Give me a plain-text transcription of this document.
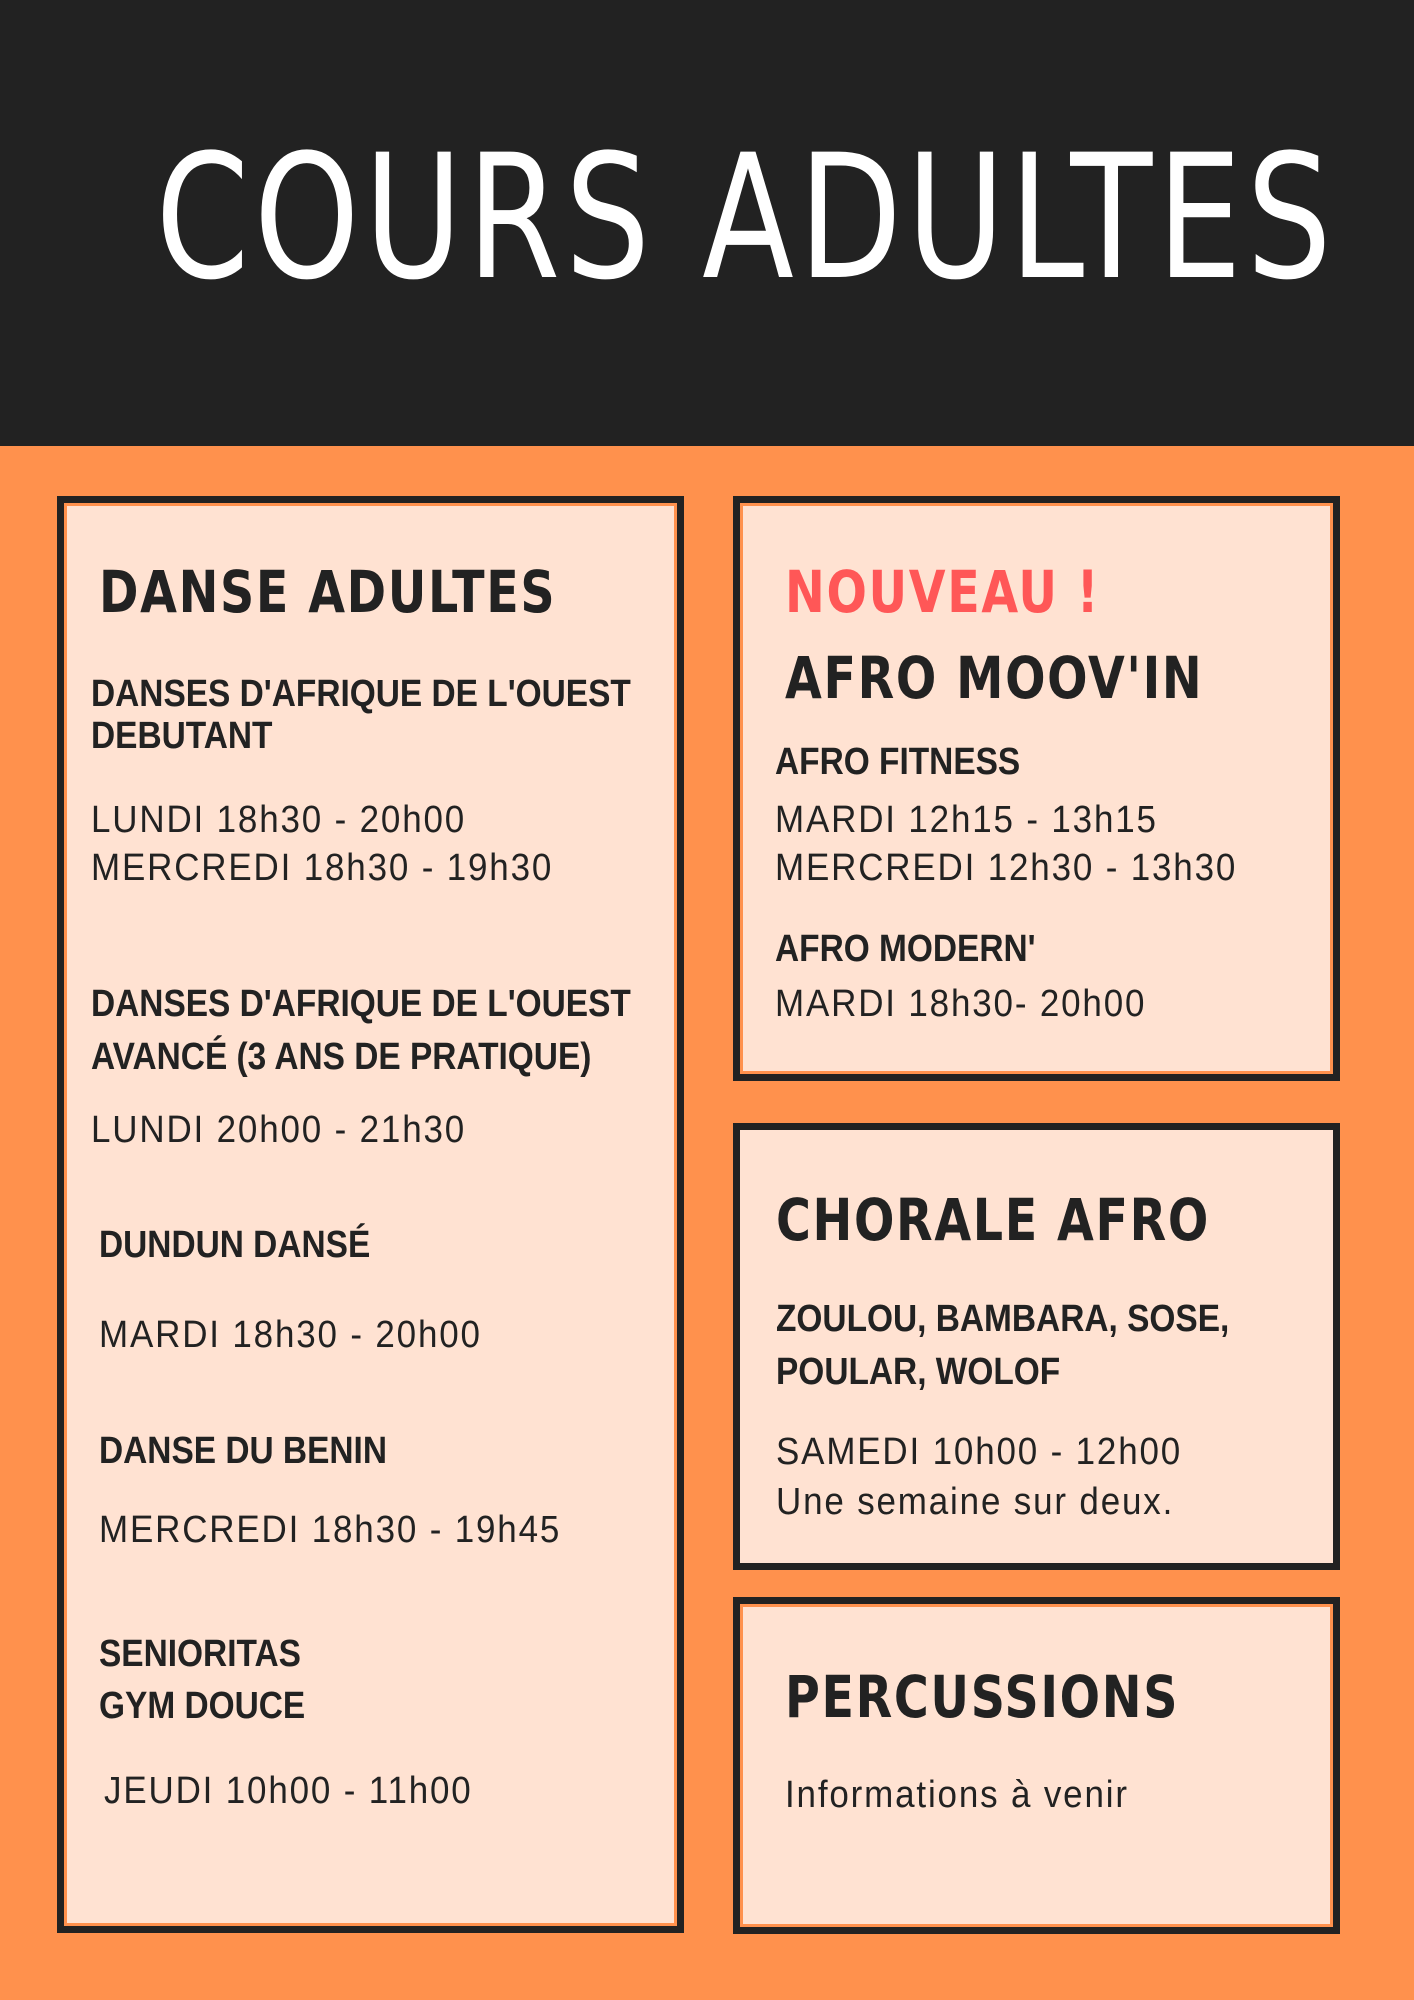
COURS ADULTES
DANSE ADULTES
DANSES D'AFRIQUE DE L'OUEST
DEBUTANT
LUNDI 18h30 - 20h00
MERCREDI 18h30 - 19h30
DANSES D'AFRIQUE DE L'OUEST
AVANCÉ (3 ANS DE PRATIQUE)
LUNDI 20h00 - 21h30
DUNDUN DANSÉ
MARDI 18h30 - 20h00
DANSE DU BENIN
MERCREDI 18h30 - 19h45
SENIORITAS
GYM DOUCE
JEUDI 10h00 - 11h00
NOUVEAU !
AFRO MOOV'IN
AFRO FITNESS
MARDI 12h15 - 13h15
MERCREDI 12h30 - 13h30
AFRO MODERN'
MARDI 18h30- 20h00
CHORALE AFRO
ZOULOU, BAMBARA, SOSE,
POULAR, WOLOF
SAMEDI 10h00 - 12h00
Une semaine sur deux.
PERCUSSIONS
Informations à venir
